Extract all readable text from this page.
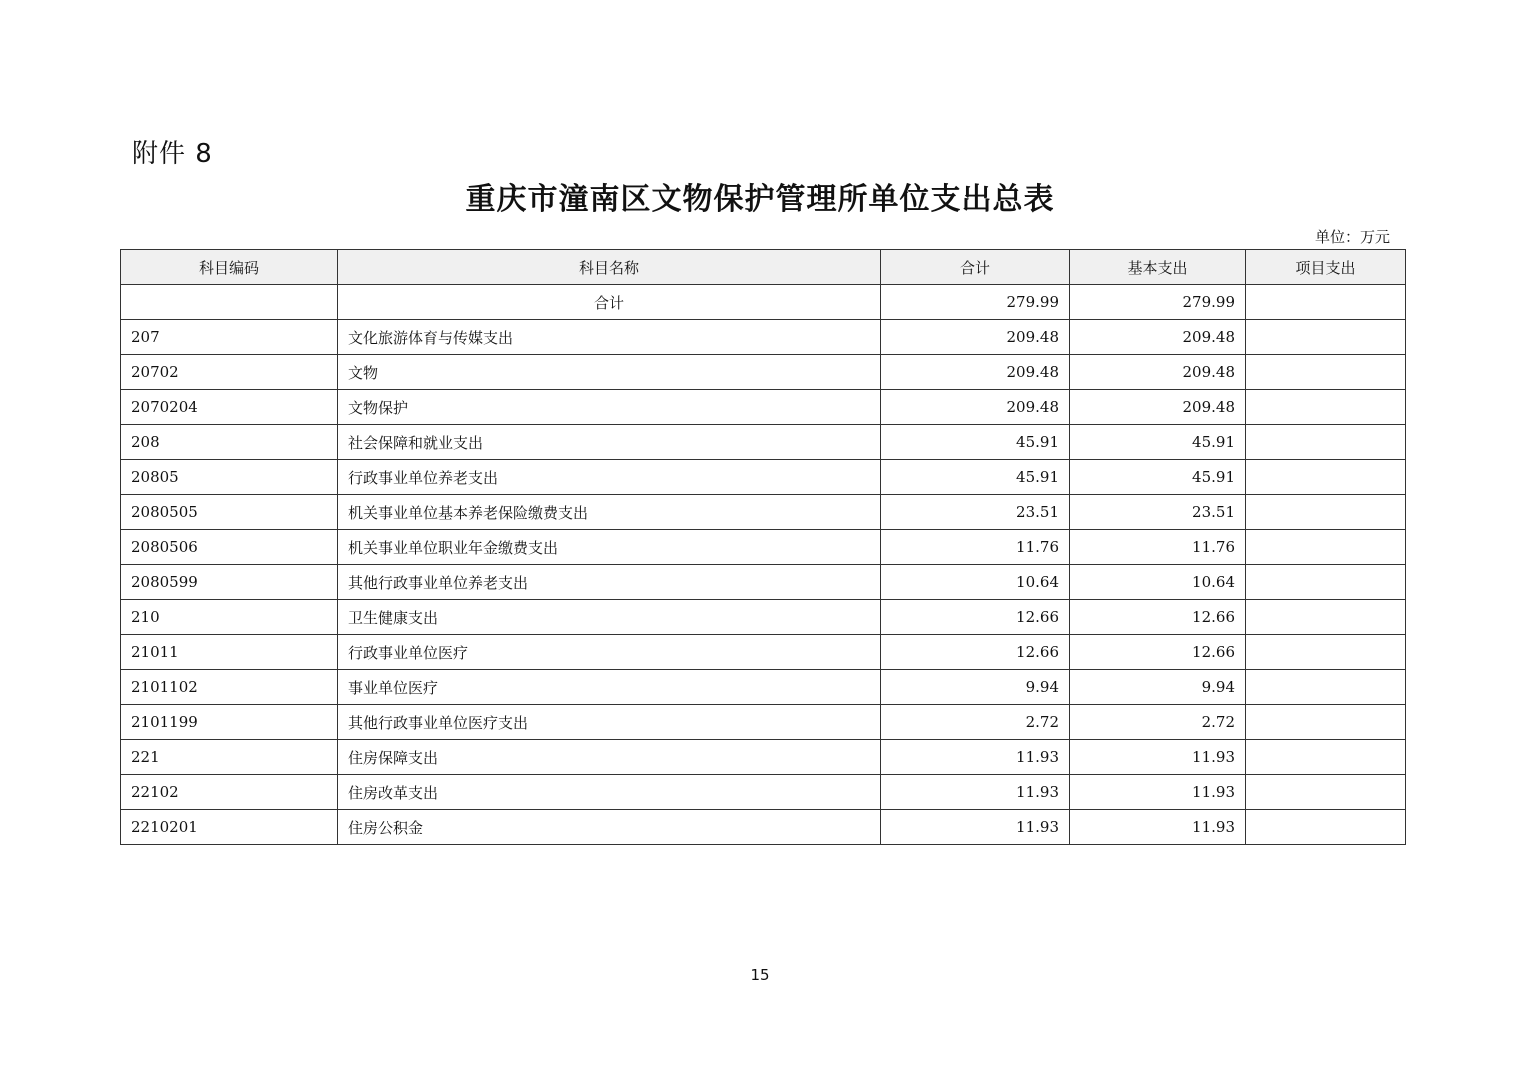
附件 8
重庆市潼南区文物保护管理所单位支出总表
单位：万元
科目编码	科目名称	合计	基本支出	项目支出
	合计	279.99	279.99	
207	文化旅游体育与传媒支出	209.48	209.48	
20702	文物	209.48	209.48	
2070204	文物保护	209.48	209.48	
208	社会保障和就业支出	45.91	45.91	
20805	行政事业单位养老支出	45.91	45.91	
2080505	机关事业单位基本养老保险缴费支出	23.51	23.51	
2080506	机关事业单位职业年金缴费支出	11.76	11.76	
2080599	其他行政事业单位养老支出	10.64	10.64	
210	卫生健康支出	12.66	12.66	
21011	行政事业单位医疗	12.66	12.66	
2101102	事业单位医疗	9.94	9.94	
2101199	其他行政事业单位医疗支出	2.72	2.72	
221	住房保障支出	11.93	11.93	
22102	住房改革支出	11.93	11.93	
2210201	住房公积金	11.93	11.93	
15
